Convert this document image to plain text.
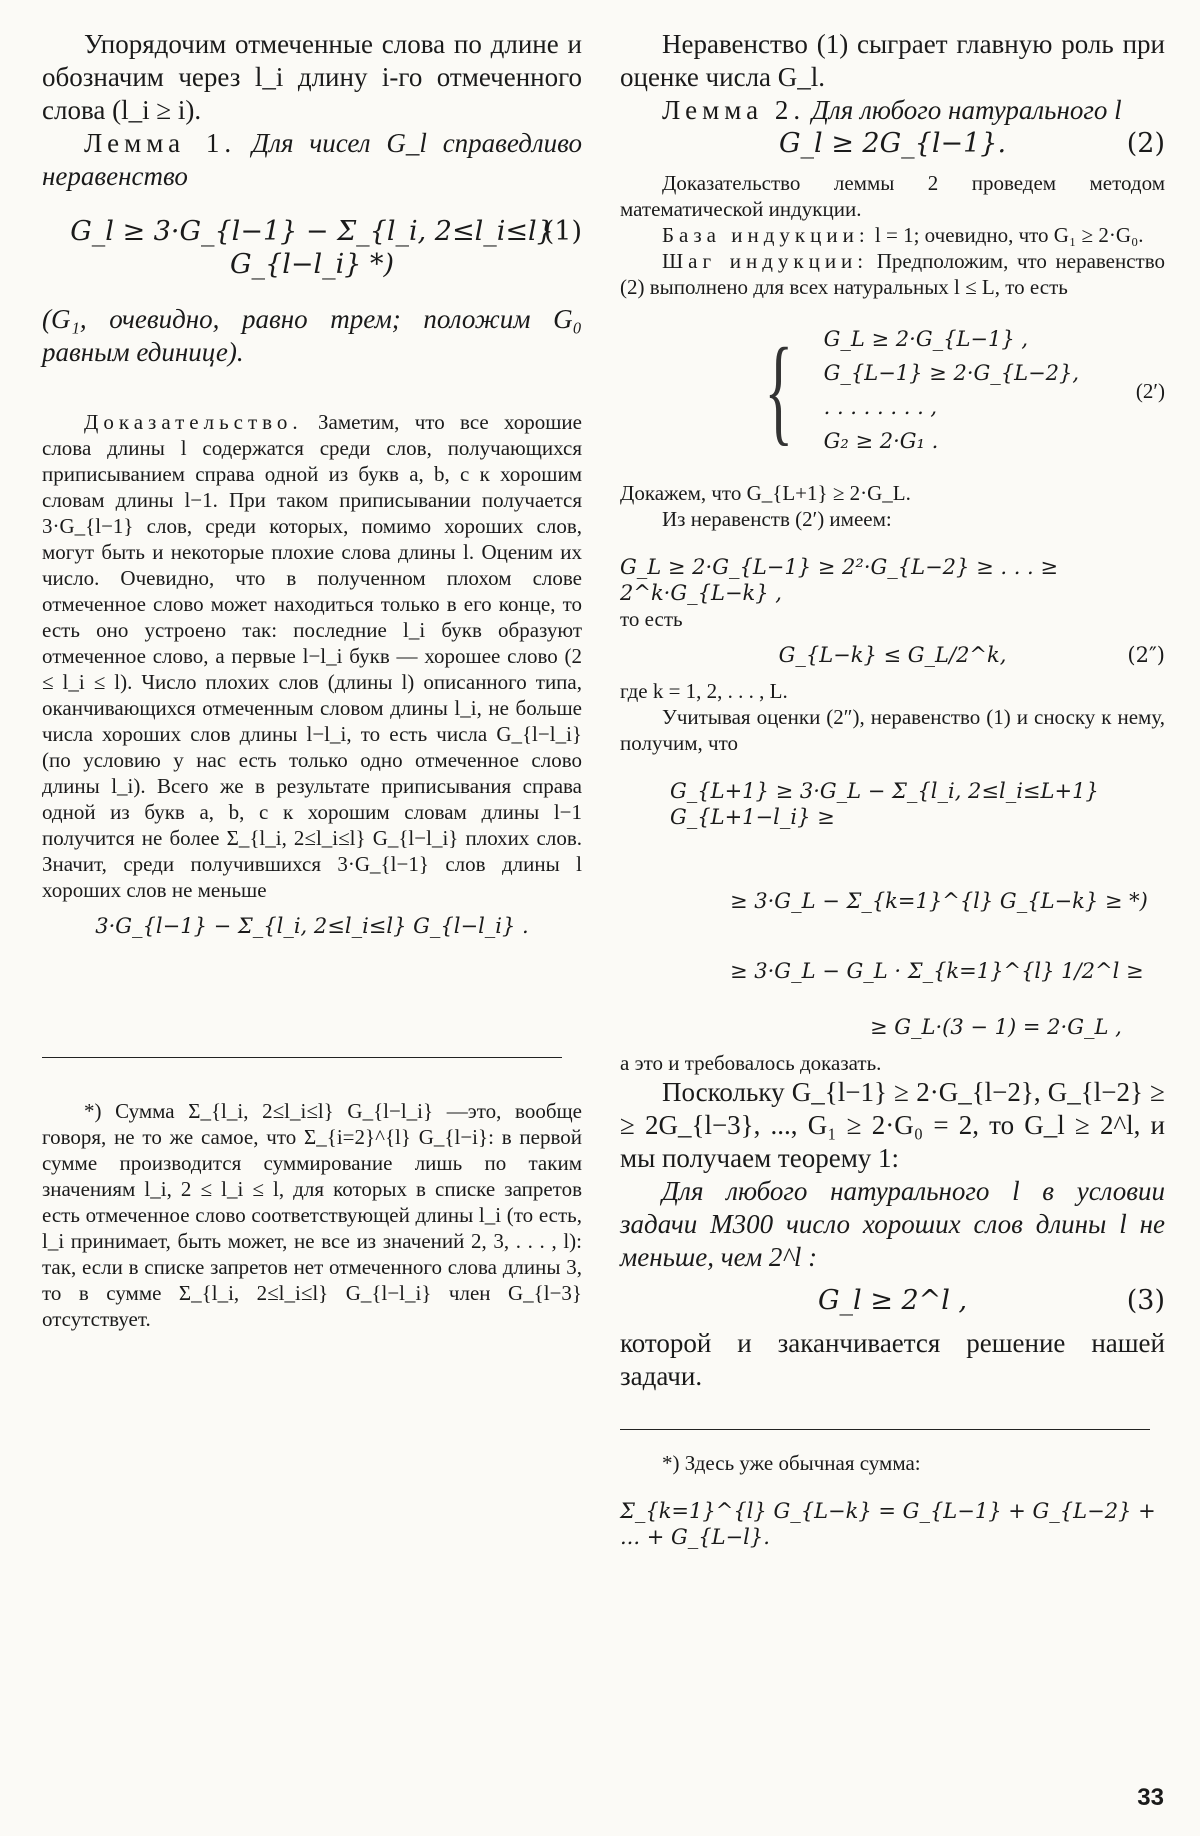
Упорядочим отмеченные слова по длине и обозначим через l_i длину i-го отмеченного слова (l_i ≥ i).

Лемма 1. Для чисел G_l справедливо неравенство

G_l ≥ 3·G_{l−1} − Σ_{l_i, 2≤l_i≤l} G_{l−l_i} *)
(1)

(G₁, очевидно, равно трем; положим G₀ равным единице).

Доказательство. Заметим, что все хорошие слова длины l содержатся среди слов, получающихся приписыванием справа одной из букв a, b, c к хорошим словам длины l−1. При таком приписывании получается 3·G_{l−1} слов, среди которых, помимо хороших слов, могут быть и некоторые плохие слова длины l. Оценим их число. Очевидно, что в полученном плохом слове отмеченное слово может находиться только в его конце, то есть оно устроено так: последние l_i букв образуют отмеченное слово, а первые l−l_i букв — хорошее слово (2 ≤ l_i ≤ l). Число плохих слов (длины l) описанного типа, оканчивающихся отмеченным словом длины l_i, не больше числа хороших слов длины l−l_i, то есть числа G_{l−l_i} (по условию у нас есть только одно отмеченное слово длины l_i). Всего же в результате приписывания справа одной из букв a, b, c к хорошим словам длины l−1 получится не более Σ_{l_i, 2≤l_i≤l} G_{l−l_i} плохих слов. Значит, среди получившихся 3·G_{l−1} слов длины l хороших слов не меньше

3·G_{l−1} − Σ_{l_i, 2≤l_i≤l} G_{l−l_i} .

*) Сумма Σ_{l_i, 2≤l_i≤l} G_{l−l_i} —это, вообще говоря, не то же самое, что Σ_{i=2}^{l} G_{l−i}: в первой сумме производится суммирование лишь по таким значениям l_i, 2 ≤ l_i ≤ l, для которых в списке запретов есть отмеченное слово соответствующей длины l_i (то есть, l_i принимает, быть может, не все из значений 2, 3, . . . , l): так, если в списке запретов нет отмеченного слова длины 3, то в сумме Σ_{l_i, 2≤l_i≤l} G_{l−l_i} член G_{l−3} отсутствует.

Неравенство (1) сыграет главную роль при оценке числа G_l.

Лемма 2. Для любого натурального l

G_l ≥ 2G_{l−1}.	(2)

Доказательство леммы 2 проведем методом математической индукции.

База индукции: l = 1; очевидно, что G₁ ≥ 2·G₀.

Шаг индукции: Предположим, что неравенство (2) выполнено для всех натуральных l ≤ L, то есть

{ G_L ≥ 2·G_{L−1} ,
G_{L−1} ≥ 2·G_{L−2},
. . . . . . . . ,
G₂ ≥ 2·G₁ .
(2′)

Докажем, что G_{L+1} ≥ 2·G_L.

Из неравенств (2′) имеем:

G_L ≥ 2·G_{L−1} ≥ 2²·G_{L−2} ≥ . . . ≥ 2^k·G_{L−k} ,

то есть

G_{L−k} ≤ G_L/2^k,	(2″)

где k = 1, 2, . . . , L.

Учитывая оценки (2″), неравенство (1) и сноску к нему, получим, что

G_{L+1} ≥ 3·G_L − Σ_{l_i, 2≤l_i≤L+1} G_{L+1−l_i} ≥
≥ 3·G_L − Σ_{k=1}^{l} G_{L−k} ≥ *)
≥ 3·G_L − G_L · Σ_{k=1}^{l} 1/2^l ≥
≥ G_L·(3 − 1) = 2·G_L ,

а это и требовалось доказать.

Поскольку G_{l−1} ≥ 2·G_{l−2}, G_{l−2} ≥ ≥ 2G_{l−3}, ..., G₁ ≥ 2·G₀ = 2, то G_l ≥ 2^l, и мы получаем теорему 1:

Для любого натурального l в условии задачи М300 число хороших слов длины l не меньше, чем 2^l :

G_l ≥ 2^l ,	(3)

которой и заканчивается решение нашей задачи.

*) Здесь уже обычная сумма:

Σ_{k=1}^{l} G_{L−k} = G_{L−1} + G_{L−2} + ... + G_{L−l}.
33
